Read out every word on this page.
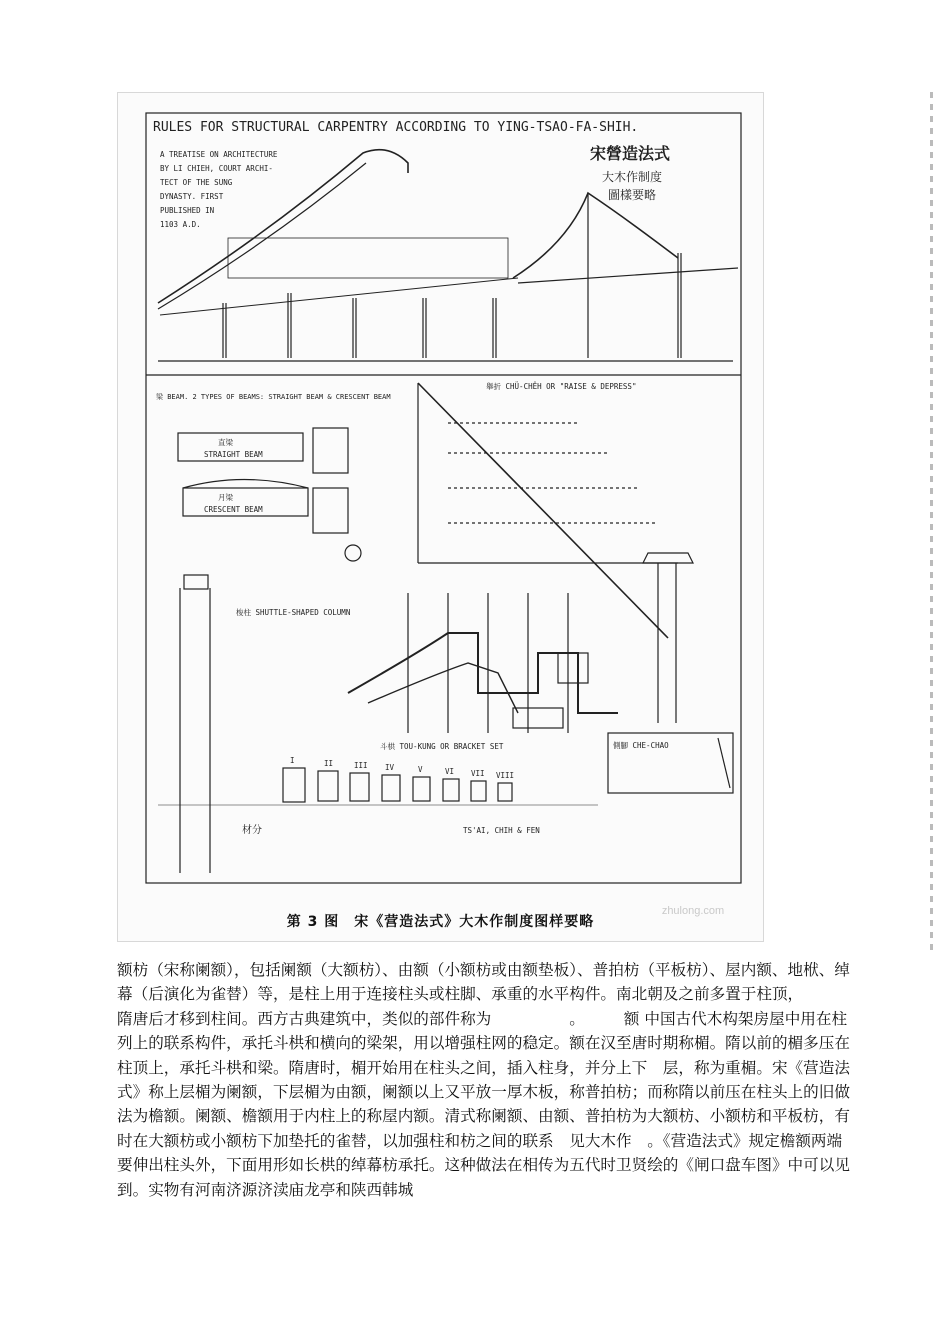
RULES FOR STRUCTURAL CARPENTRY ACCORDING TO YING-TSAO-FA-SHIH.
宋營造法式
大木作制度
圖樣要略
A TREATISE ON ARCHITECTURE
BY LI CHIEH, COURT ARCHI-
TECT OF THE SUNG
DYNASTY. FIRST
PUBLISHED IN
1103 A.D.
梁 BEAM. 2 TYPES OF BEAMS: STRAIGHT BEAM & CRESCENT BEAM
直梁
STRAIGHT BEAM
月梁
CRESCENT BEAM
舉折 CHÜ-CHÊH OR "RAISE & DEPRESS"
梭柱 SHUTTLE-SHAPED COLUMN
斗栱 TOU-KUNG OR BRACKET SET	側腳 CHE-CHAO
材分	TS'AI, CHIH & FEN
I	II	III IV	V	VI VII VIII
第 3 图　宋《营造法式》大木作制度图样要略
zhulong.com

额枋（宋称阑额），包括阑额（大额枋）、由额（小额枋或由额垫板）、普拍枋（平板枋）、屋内额、地栿、绰幕（后演化为雀替）等，是柱上用于连接柱头或柱脚、承重的水平构件。南北朝及之前多置于柱顶，

隋唐后才移到柱间。西方古典建筑中，类似的部件称为　　　　　。　　　额 中国古代木构架房屋中用在柱列上的联系构件，承托斗栱和横向的梁架，用以增强柱网的稳定。额在汉至唐时期称楣。隋以前的楣多压在柱顶上，承托斗栱和梁。隋唐时，楣开始用在柱头之间，插入柱身，并分上下　层，称为重楣。宋《营造法式》称上层楣为阑额，下层楣为由额，阑额以上又平放一厚木板，称普拍枋；而称隋以前压在柱头上的旧做法为檐额。阑额、檐额用于内柱上的称屋内额。清式称阑额、由额、普拍枋为大额枋、小额枋和平板枋，有时在大额枋或小额枋下加垫托的雀替，以加强柱和枋之间的联系　见大木作　。《营造法式》规定檐额两端要伸出柱头外，下面用形如长栱的绰幕枋承托。这种做法在相传为五代时卫贤绘的《闸口盘车图》中可以见到。实物有河南济源济渎庙龙亭和陕西韩城
